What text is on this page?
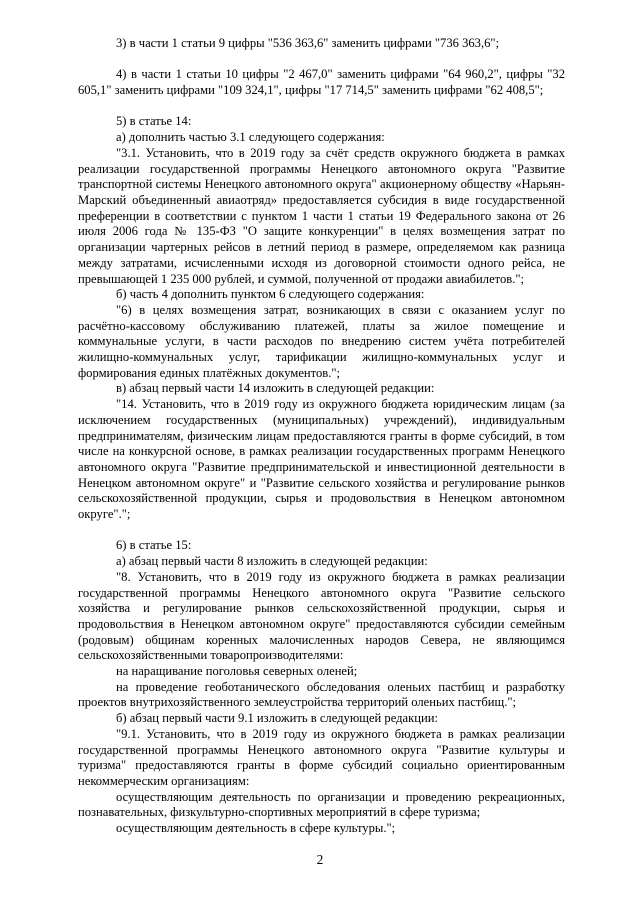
3) в части 1 статьи 9 цифры "536 363,6" заменить цифрами "736 363,6";

4) в части 1 статьи 10 цифры "2 467,0" заменить цифрами "64 960,2", цифры "32 605,1" заменить цифрами "109 324,1", цифры "17 714,5" заменить цифрами "62 408,5";

5) в статье 14:

а) дополнить частью 3.1 следующего содержания:

"3.1. Установить, что в 2019 году за счёт средств окружного бюджета в рамках реализации государственной программы Ненецкого автономного округа "Развитие транспортной системы Ненецкого автономного округа" акционерному обществу «Нарьян-Марский объединенный авиаотряд» предоставляется субсидия в виде государственной преференции в соответствии с пунктом 1 части 1 статьи 19 Федерального закона от 26 июля 2006 года № 135-ФЗ "О защите конкуренции" в целях возмещения затрат по организации чартерных рейсов в летний период в размере, определяемом как разница между затратами, исчисленными исходя из договорной стоимости одного рейса, не превышающей 1 235 000 рублей, и суммой, полученной от продажи авиабилетов.";

б) часть 4 дополнить пунктом 6 следующего содержания:

"6) в целях возмещения затрат, возникающих в связи с оказанием услуг по расчётно-кассовому обслуживанию платежей, платы за жилое помещение и коммунальные услуги, в части расходов по внедрению систем учёта потребителей жилищно-коммунальных услуг, тарификации жилищно-коммунальных услуг и формирования единых платёжных документов.";

в) абзац первый части 14 изложить в следующей редакции:

"14. Установить, что в 2019 году из окружного бюджета юридическим лицам (за исключением государственных (муниципальных) учреждений), индивидуальным предпринимателям, физическим лицам предоставляются гранты в форме субсидий, в том числе на конкурсной основе, в рамках реализации государственных программ Ненецкого автономного округа "Развитие предпринимательской и инвестиционной деятельности в Ненецком автономном округе" и "Развитие сельского хозяйства и регулирование рынков сельскохозяйственной продукции, сырья и продовольствия в Ненецком автономном округе".";

6) в статье 15:

а) абзац первый части 8 изложить в следующей редакции:

"8. Установить, что в 2019 году из окружного бюджета в рамках реализации государственной программы Ненецкого автономного округа "Развитие сельского хозяйства и регулирование рынков сельскохозяйственной продукции, сырья и продовольствия в Ненецком автономном округе" предоставляются субсидии семейным (родовым) общинам коренных малочисленных народов Севера, не являющимся сельскохозяйственными товаропроизводителями:

на наращивание поголовья северных оленей;

на проведение геоботанического обследования оленьих пастбищ и разработку проектов внутрихозяйственного землеустройства территорий оленьих пастбищ.";

б) абзац первый части 9.1 изложить в следующей редакции:

"9.1. Установить, что в 2019 году из окружного бюджета в рамках реализации государственной программы Ненецкого автономного округа "Развитие культуры и туризма" предоставляются гранты в форме субсидий социально ориентированным некоммерческим организациям:

осуществляющим деятельность по организации и проведению рекреационных, познавательных, физкультурно-спортивных мероприятий в сфере туризма;

осуществляющим деятельность в сфере культуры.";

2
